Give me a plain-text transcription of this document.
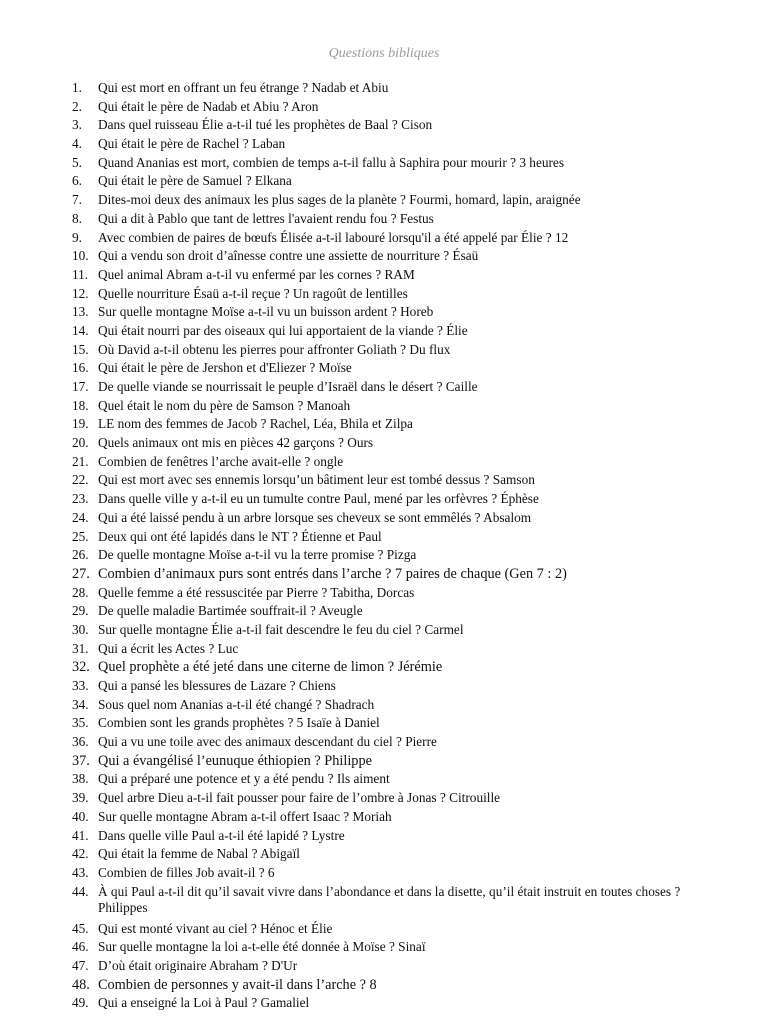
Questions bibliques
1.	Qui est mort en offrant un feu étrange ? Nadab et Abiu
2.	Qui était le père de Nadab et Abiu ? Aron
3.	Dans quel ruisseau Élie a-t-il tué les prophètes de Baal ? Cison
4.	Qui était le père de Rachel ? Laban
5.	Quand Ananias est mort, combien de temps a-t-il fallu à Saphira pour mourir ? 3 heures
6.	Qui était le père de Samuel ? Elkana
7.	Dites-moi deux des animaux les plus sages de la planète ? Fourmi, homard, lapin, araignée
8.	Qui a dit à Pablo que tant de lettres l'avaient rendu fou ? Festus
9.	Avec combien de paires de bœufs Élisée a-t-il labouré lorsqu'il a été appelé par Élie ? 12
10. Qui a vendu son droit d’aînesse contre une assiette de nourriture ? Ésaü
11. Quel animal Abram a-t-il vu enfermé par les cornes ? RAM
12. Quelle nourriture Ésaü a-t-il reçue ? Un ragoût de lentilles
13. Sur quelle montagne Moïse a-t-il vu un buisson ardent ? Horeb
14. Qui était nourri par des oiseaux qui lui apportaient de la viande ? Élie
15. Où David a-t-il obtenu les pierres pour affronter Goliath ? Du flux
16. Qui était le père de Jershon et d'Eliezer ? Moïse
17. De quelle viande se nourrissait le peuple d’Israël dans le désert ? Caille
18. Quel était le nom du père de Samson ? Manoah
19. LE nom des femmes de Jacob ? Rachel, Léa, Bhila et Zilpa
20. Quels animaux ont mis en pièces 42 garçons ? Ours
21. Combien de fenêtres l’arche avait-elle ? ongle
22. Qui est mort avec ses ennemis lorsqu’un bâtiment leur est tombé dessus ? Samson
23. Dans quelle ville y a-t-il eu un tumulte contre Paul, mené par les orfèvres ? Éphèse
24. Qui a été laissé pendu à un arbre lorsque ses cheveux se sont emmêlés ? Absalom
25. Deux qui ont été lapidés dans le NT ? Étienne et Paul
26. De quelle montagne Moïse a-t-il vu la terre promise ? Pizga
27. Combien d’animaux purs sont entrés dans l’arche ? 7 paires de chaque (Gen 7 : 2)
28. Quelle femme a été ressuscitée par Pierre ? Tabitha, Dorcas
29. De quelle maladie Bartimée souffrait-il ? Aveugle
30. Sur quelle montagne Élie a-t-il fait descendre le feu du ciel ? Carmel
31. Qui a écrit les Actes ? Luc
32. Quel prophète a été jeté dans une citerne de limon ? Jérémie
33. Qui a pansé les blessures de Lazare ? Chiens
34. Sous quel nom Ananias a-t-il été changé ? Shadrach
35. Combien sont les grands prophètes ? 5 Isaïe à Daniel
36. Qui a vu une toile avec des animaux descendant du ciel ? Pierre
37. Qui a évangélisé l’eunuque éthiopien ? Philippe
38. Qui a préparé une potence et y a été pendu ? Ils aiment
39. Quel arbre Dieu a-t-il fait pousser pour faire de l’ombre à Jonas ? Citrouille
40. Sur quelle montagne Abram a-t-il offert Isaac ? Moriah
41. Dans quelle ville Paul a-t-il été lapidé ? Lystre
42. Qui était la femme de Nabal ? Abigaïl
43. Combien de filles Job avait-il ? 6
44. À qui Paul a-t-il dit qu’il savait vivre dans l’abondance et dans la disette, qu’il était instruit en toutes choses ? Philippes
45. Qui est monté vivant au ciel ? Hénoc et Élie
46. Sur quelle montagne la loi a-t-elle été donnée à Moïse ? Sinaï
47. D’où était originaire Abraham ? D'Ur
48. Combien de personnes y avait-il dans l’arche ? 8
49. Qui a enseigné la Loi à Paul ? Gamaliel
